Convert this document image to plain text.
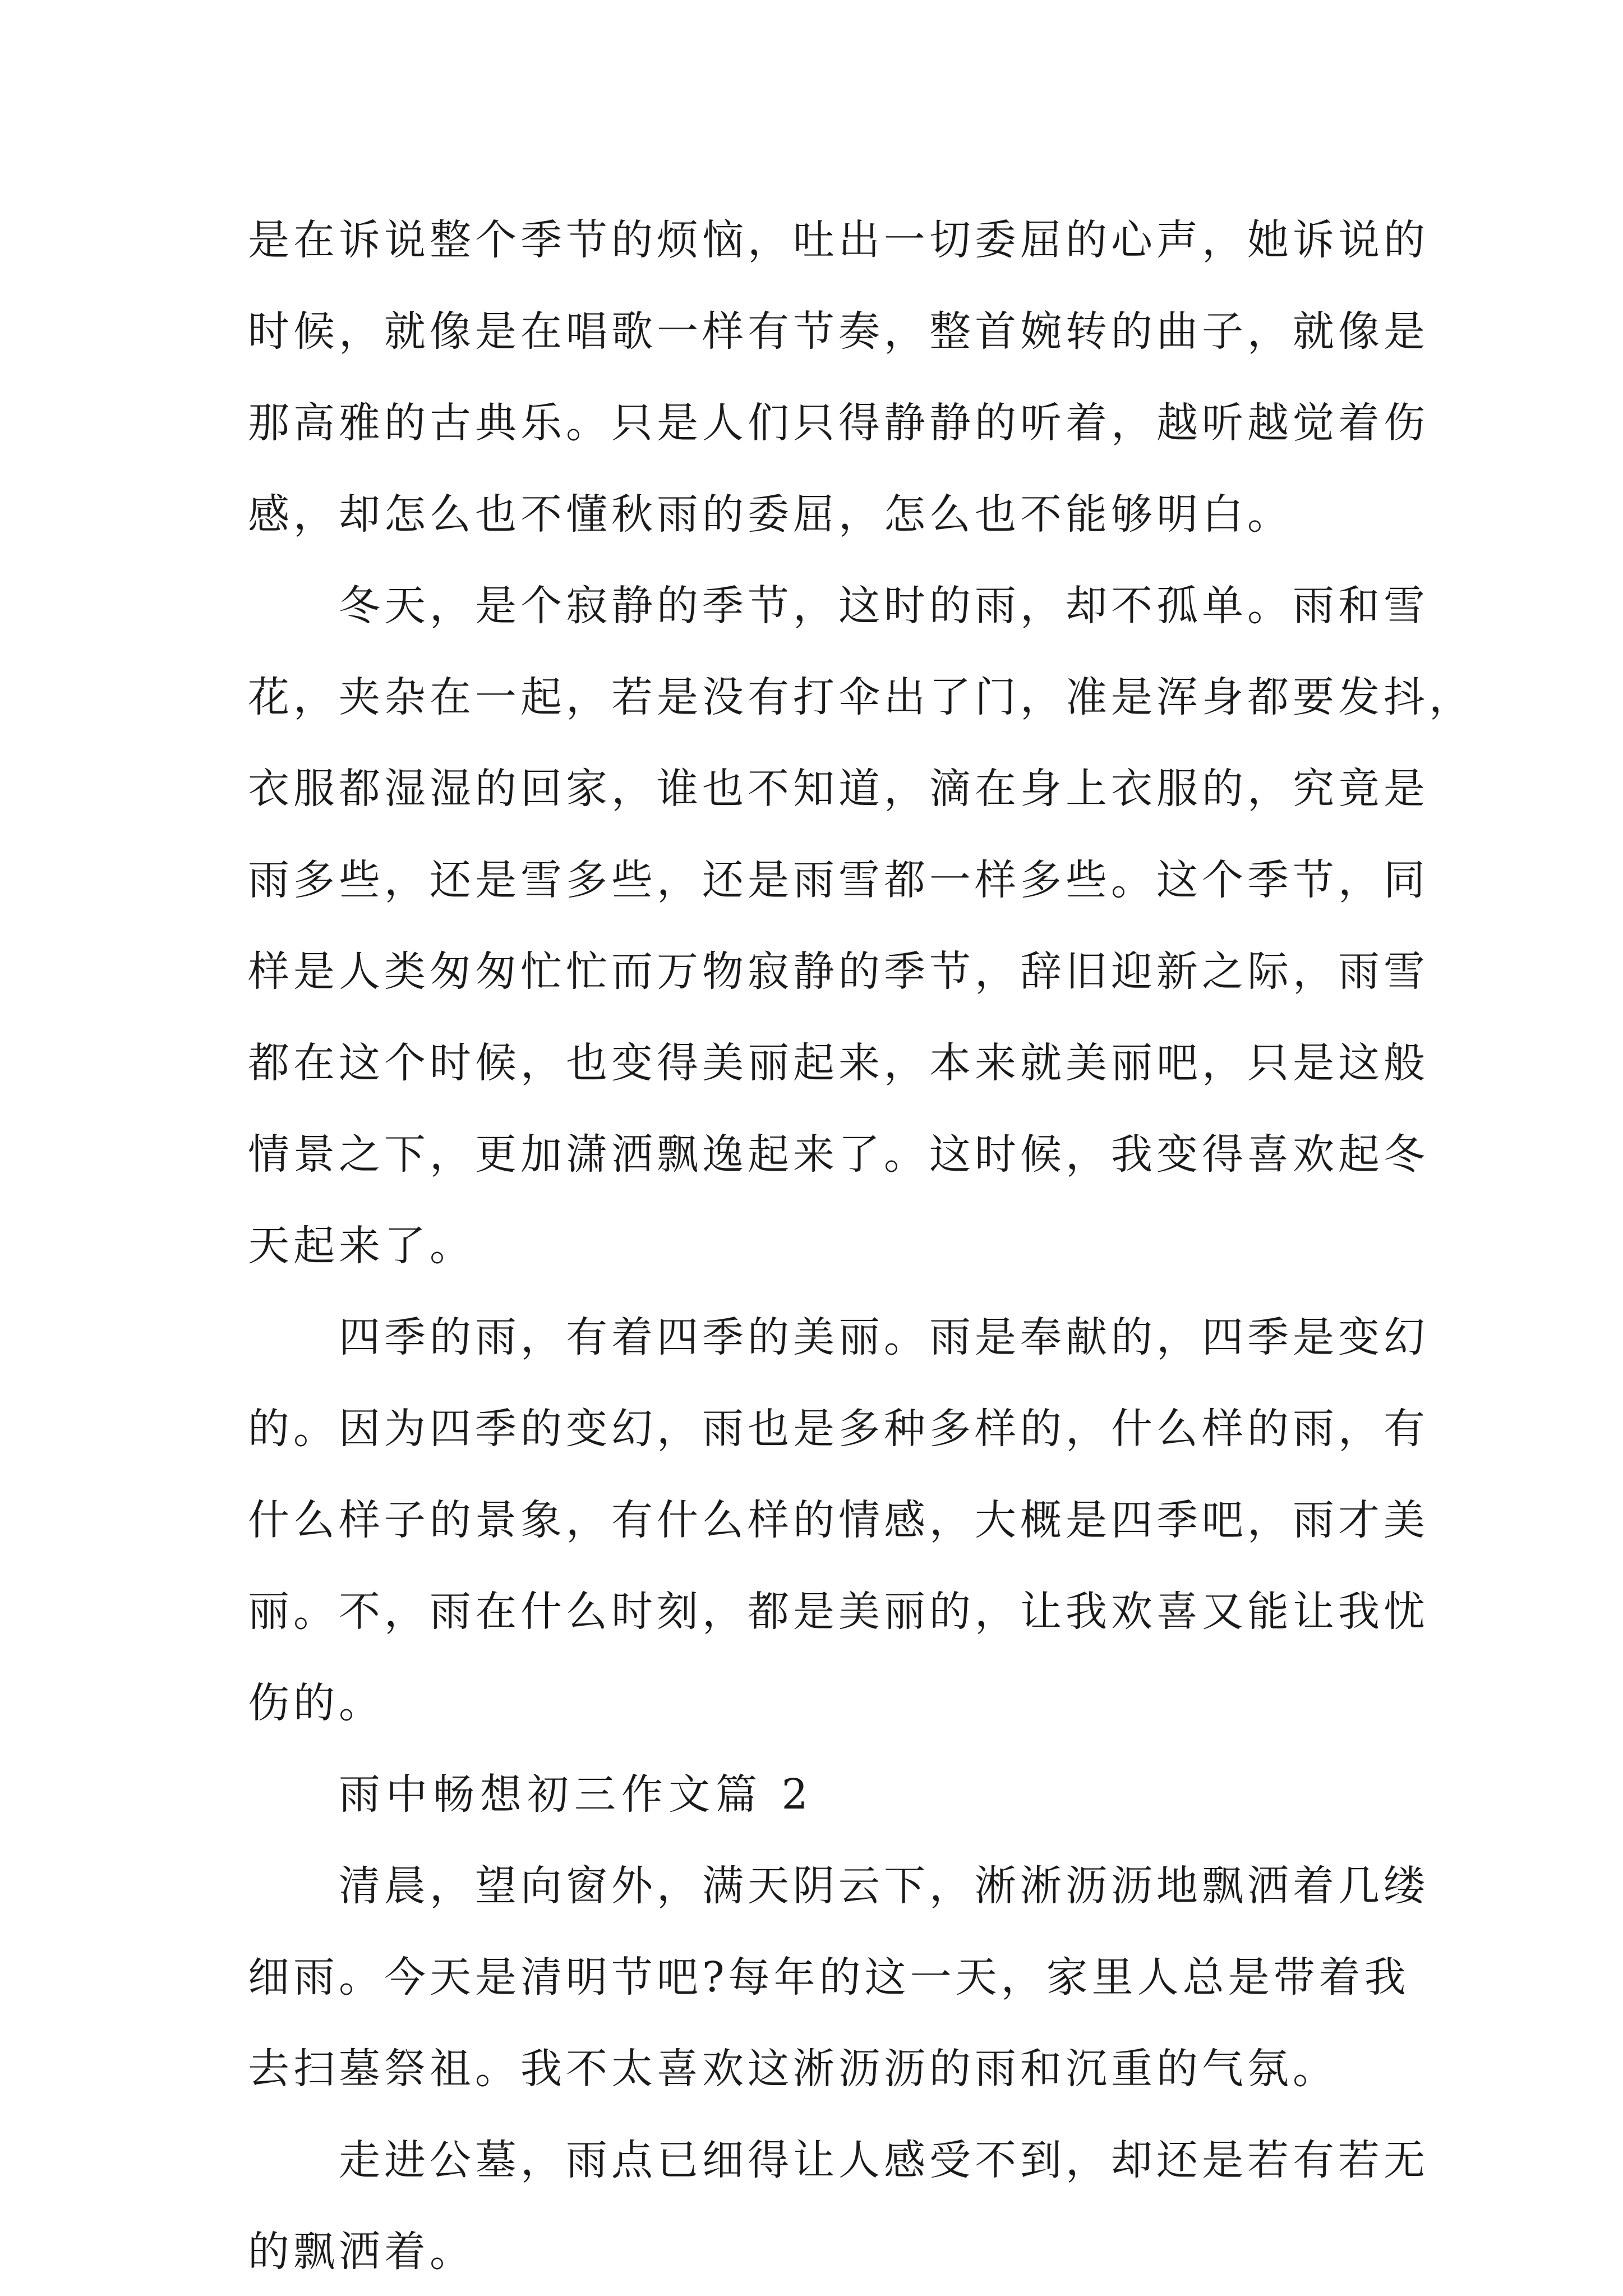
是在诉说整个季节的烦恼，吐出一切委屈的心声，她诉说的
时候，就像是在唱歌一样有节奏，整首婉转的曲子，就像是
那高雅的古典乐。只是人们只得静静的听着，越听越觉着伤
感，却怎么也不懂秋雨的委屈，怎么也不能够明白。
冬天，是个寂静的季节，这时的雨，却不孤单。雨和雪
花，夹杂在一起，若是没有打伞出了门，准是浑身都要发抖，
衣服都湿湿的回家，谁也不知道，滴在身上衣服的，究竟是
雨多些，还是雪多些，还是雨雪都一样多些。这个季节，同
样是人类匆匆忙忙而万物寂静的季节，辞旧迎新之际，雨雪
都在这个时候，也变得美丽起来，本来就美丽吧，只是这般
情景之下，更加潇洒飘逸起来了。这时候，我变得喜欢起冬
天起来了。
四季的雨，有着四季的美丽。雨是奉献的，四季是变幻
的。因为四季的变幻，雨也是多种多样的，什么样的雨，有
什么样子的景象，有什么样的情感，大概是四季吧，雨才美
丽。不，雨在什么时刻，都是美丽的，让我欢喜又能让我忧
伤的。
雨中畅想初三作文篇 2
清晨，望向窗外，满天阴云下，淅淅沥沥地飘洒着几缕
细雨。今天是清明节吧?每年的这一天，家里人总是带着我
去扫墓祭祖。我不太喜欢这淅沥沥的雨和沉重的气氛。
走进公墓，雨点已细得让人感受不到，却还是若有若无
的飘洒着。
